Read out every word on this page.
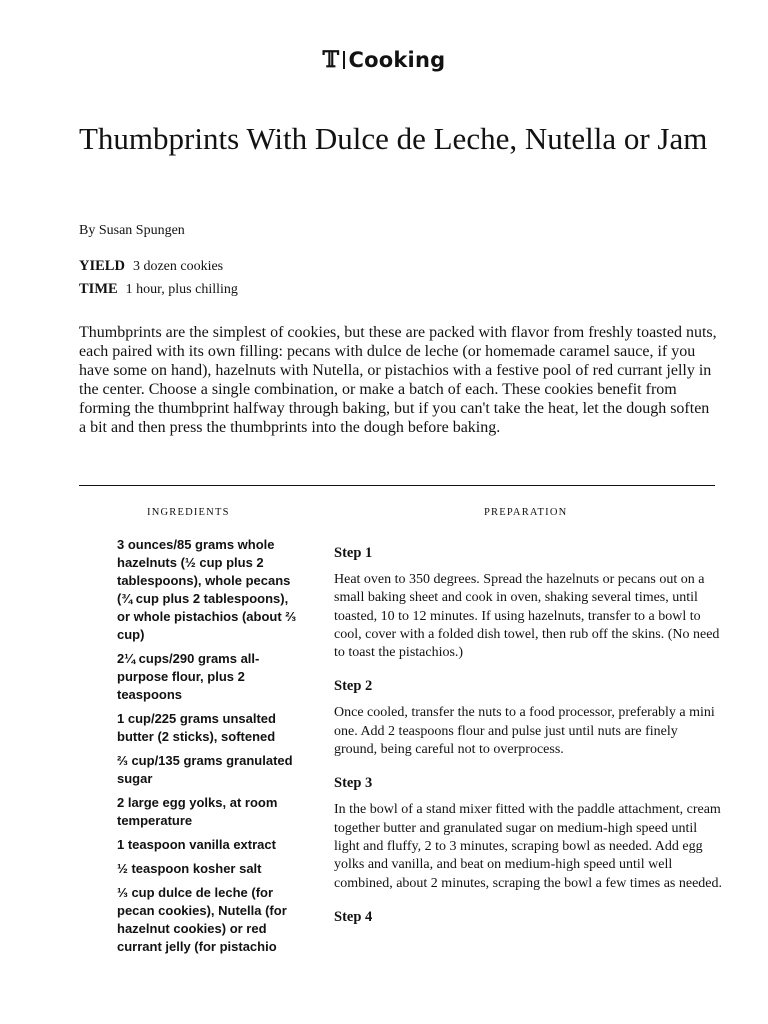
𝕋 Cooking
Thumbprints With Dulce de Leche, Nutella or Jam
By Susan Spungen
YIELD 3 dozen cookies
TIME 1 hour, plus chilling

Thumbprints are the simplest of cookies, but these are packed with flavor from freshly toasted nuts, each paired with its own filling: pecans with dulce de leche (or homemade caramel sauce, if you have some on hand), hazelnuts with Nutella, or pistachios with a festive pool of red currant jelly in the center. Choose a single combination, or make a batch of each. These cookies benefit from forming the thumbprint halfway through baking, but if you can't take the heat, let the dough soften a bit and then press the thumbprints into the dough before baking.

INGREDIENTS	PREPARATION
3 ounces/85 grams whole hazelnuts (½ cup plus 2 tablespoons), whole pecans (¾ cup plus 2 tablespoons), or whole pistachios (about ⅔ cup)
2¼ cups/290 grams all-purpose flour, plus 2 teaspoons
1 cup/225 grams unsalted butter (2 sticks), softened
⅔ cup/135 grams granulated sugar
2 large egg yolks, at room temperature
1 teaspoon vanilla extract
½ teaspoon kosher salt
⅓ cup dulce de leche (for pecan cookies), Nutella (for hazelnut cookies) or red currant jelly (for pistachio
Step 1
Heat oven to 350 degrees. Spread the hazelnuts or pecans out on a small baking sheet and cook in oven, shaking several times, until toasted, 10 to 12 minutes. If using hazelnuts, transfer to a bowl to cool, cover with a folded dish towel, then rub off the skins. (No need to toast the pistachios.)
Step 2
Once cooled, transfer the nuts to a food processor, preferably a mini one. Add 2 teaspoons flour and pulse just until nuts are finely ground, being careful not to overprocess.
Step 3
In the bowl of a stand mixer fitted with the paddle attachment, cream together butter and granulated sugar on medium-high speed until light and fluffy, 2 to 3 minutes, scraping bowl as needed. Add egg yolks and vanilla, and beat on medium-high speed until well combined, about 2 minutes, scraping the bowl a few times as needed.
Step 4
